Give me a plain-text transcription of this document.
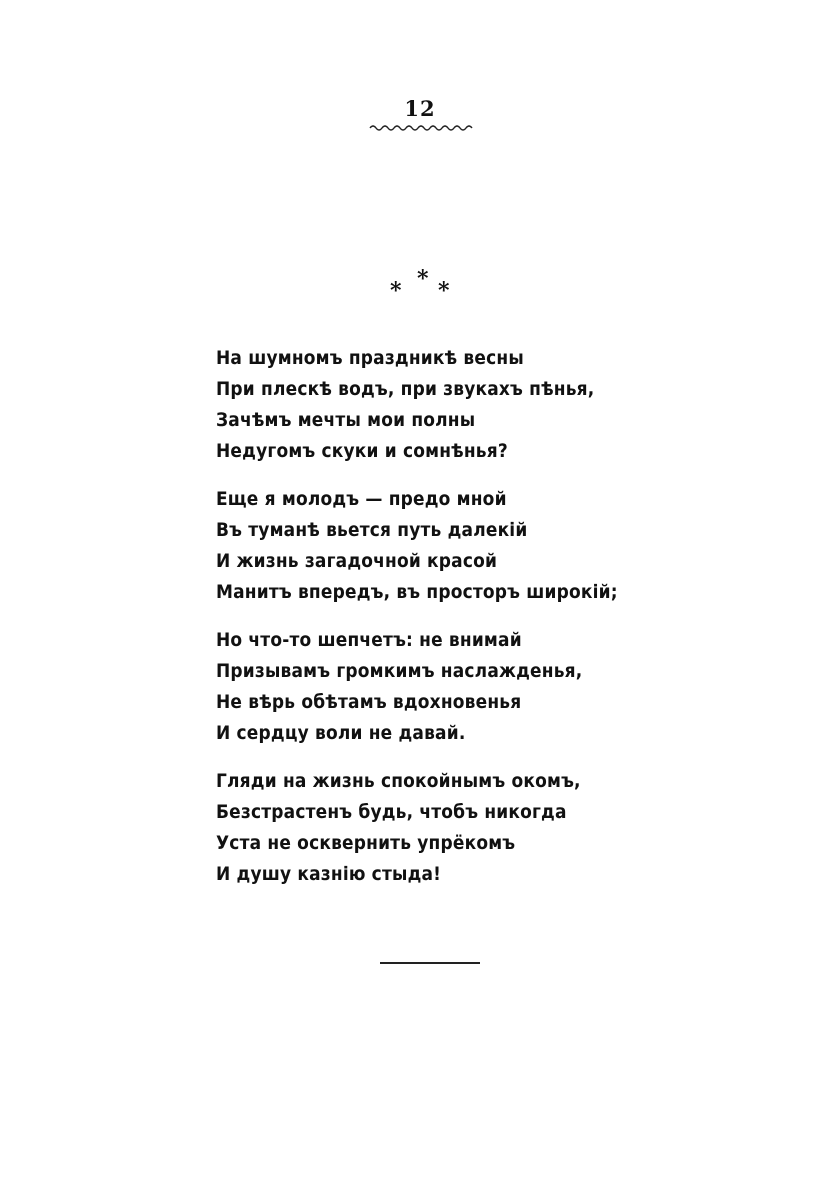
12
*
* *
На шумномъ праздникѣ весны
При плескѣ водъ, при звукахъ пѣнья,
Зачѣмъ мечты мои полны
Недугомъ скуки и сомнѣнья?
Еще я молодъ — предо мной
Въ туманѣ вьется путь далекій
И жизнь загадочной красой
Манитъ впередъ, въ просторъ широкій;
Но что-то шепчетъ: не внимай
Призывамъ громкимъ наслажденья,
Не вѣрь обѣтамъ вдохновенья
И сердцу воли не давай.
Гляди на жизнь спокойнымъ окомъ,
Безстрастенъ будь, чтобъ никогда
Уста не осквернить упрёкомъ
И душу казнію стыда!
